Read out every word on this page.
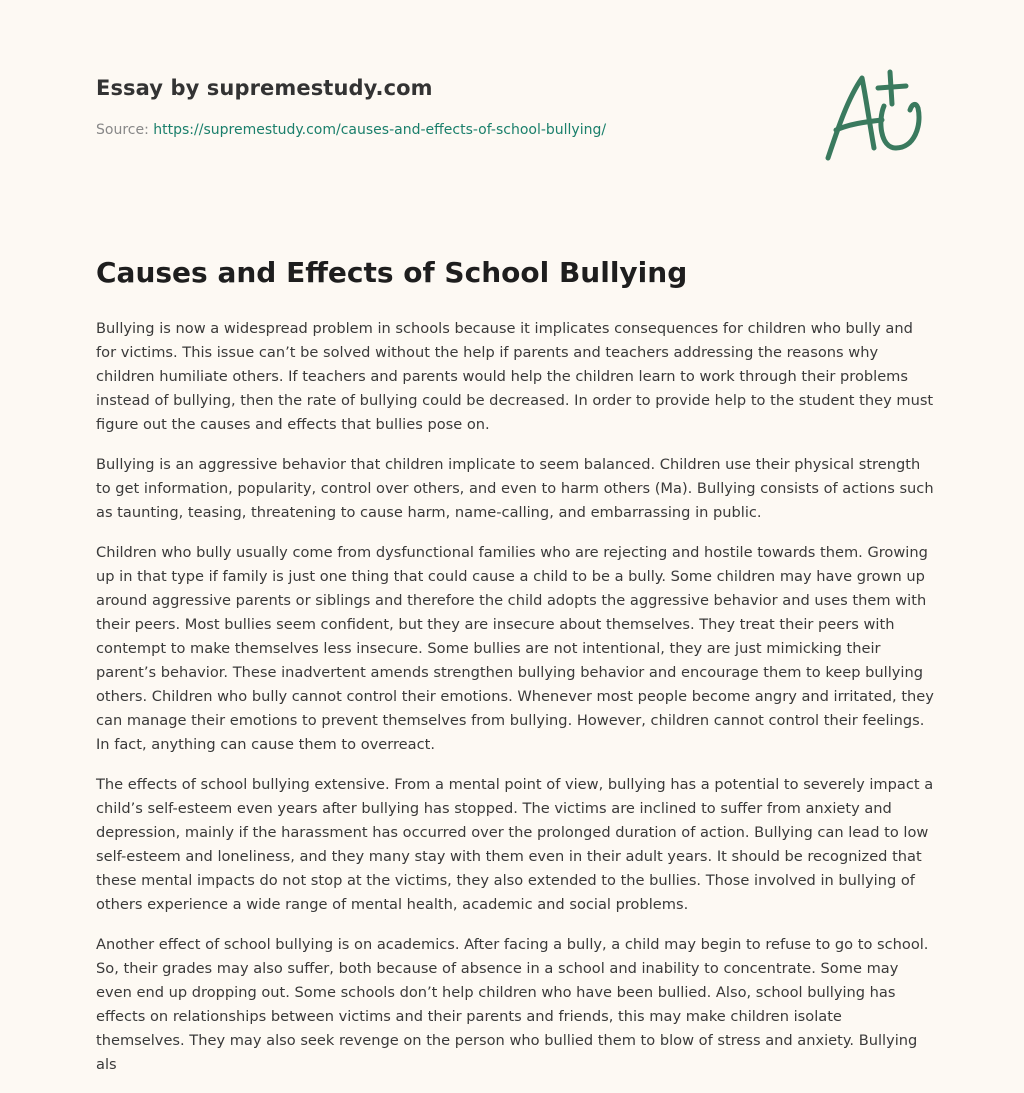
Essay by supremestudy.com
Source: https://supremestudy.com/causes-and-effects-of-school-bullying/
Causes and Effects of School Bullying

Bullying is now a widespread problem in schools because it implicates consequences for children who bully and for victims. This issue can’t be solved without the help if parents and teachers addressing the reasons why children humiliate others. If teachers and parents would help the children learn to work through their problems instead of bullying, then the rate of bullying could be decreased. In order to provide help to the student they must figure out the causes and effects that bullies pose on.

Bullying is an aggressive behavior that children implicate to seem balanced. Children use their physical strength to get information, popularity, control over others, and even to harm others (Ma). Bullying consists of actions such as taunting, teasing, threatening to cause harm, name-calling, and embarrassing in public.

Children who bully usually come from dysfunctional families who are rejecting and hostile towards them. Growing up in that type if family is just one thing that could cause a child to be a bully. Some children may have grown up around aggressive parents or siblings and therefore the child adopts the aggressive behavior and uses them with their peers. Most bullies seem confident, but they are insecure about themselves. They treat their peers with contempt to make themselves less insecure. Some bullies are not intentional, they are just mimicking their parent’s behavior. These inadvertent amends strengthen bullying behavior and encourage them to keep bullying others. Children who bully cannot control their emotions. Whenever most people become angry and irritated, they can manage their emotions to prevent themselves from bullying. However, children cannot control their feelings. In fact, anything can cause them to overreact.

The effects of school bullying extensive. From a mental point of view, bullying has a potential to severely impact a child’s self-esteem even years after bullying has stopped. The victims are inclined to suffer from anxiety and depression, mainly if the harassment has occurred over the prolonged duration of action. Bullying can lead to low self-esteem and loneliness, and they many stay with them even in their adult years. It should be recognized that these mental impacts do not stop at the victims, they also extended to the bullies. Those involved in bullying of others experience a wide range of mental health, academic and social problems.

Another effect of school bullying is on academics. After facing a bully, a child may begin to refuse to go to school. So, their grades may also suffer, both because of absence in a school and inability to concentrate. Some may even end up dropping out. Some schools don’t help children who have been bullied. Also, school bullying has effects on relationships between victims and their parents and friends, this may make children isolate themselves. They may also seek revenge on the person who bullied them to blow of stress and anxiety. Bullying als
